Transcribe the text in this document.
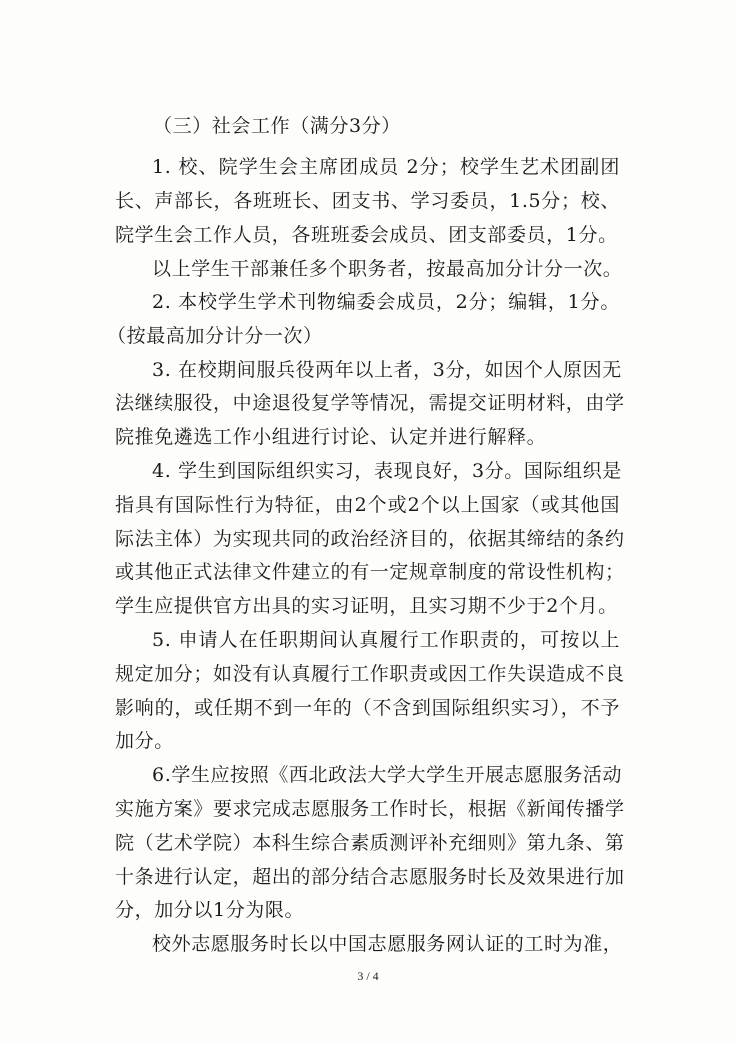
（三）社会工作（满分3分）
1. 校、院学生会主席团成员 2分；校学生艺术团副团
长、声部长，各班班长、团支书、学习委员，1.5分；校、
院学生会工作人员，各班班委会成员、团支部委员，1分。
以上学生干部兼任多个职务者，按最高加分计分一次。
2. 本校学生学术刊物编委会成员，2分；编辑，1分。
（按最高加分计分一次）
3. 在校期间服兵役两年以上者，3分，如因个人原因无
法继续服役，中途退役复学等情况，需提交证明材料，由学
院推免遴选工作小组进行讨论、认定并进行解释。
4. 学生到国际组织实习，表现良好，3分。国际组织是
指具有国际性行为特征，由2个或2个以上国家（或其他国
际法主体）为实现共同的政治经济目的，依据其缔结的条约
或其他正式法律文件建立的有一定规章制度的常设性机构；
学生应提供官方出具的实习证明，且实习期不少于2个月。
5. 申请人在任职期间认真履行工作职责的，可按以上
规定加分；如没有认真履行工作职责或因工作失误造成不良
影响的，或任期不到一年的（不含到国际组织实习），不予
加分。
6.学生应按照《西北政法大学大学生开展志愿服务活动
实施方案》要求完成志愿服务工作时长，根据《新闻传播学
院（艺术学院）本科生综合素质测评补充细则》第九条、第
十条进行认定，超出的部分结合志愿服务时长及效果进行加
分，加分以1分为限。
校外志愿服务时长以中国志愿服务网认证的工时为准，
3 / 4
